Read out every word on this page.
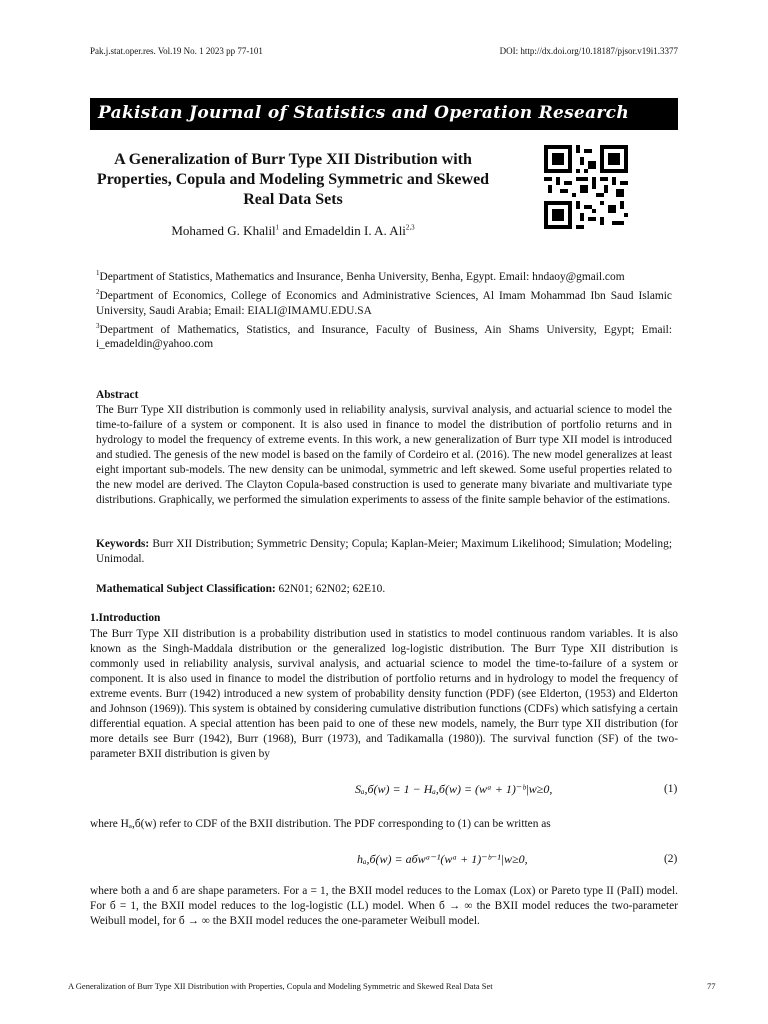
Pak.j.stat.oper.res. Vol.19 No. 1 2023 pp 77-101	DOI: http://dx.doi.org/10.18187/pjsor.v19i1.3377
Pakistan Journal of Statistics and Operation Research
A Generalization of Burr Type XII Distribution with Properties, Copula and Modeling Symmetric and Skewed Real Data Sets
Mohamed G. Khalil$^1$ and Emadeldin I. A. Ali$^{2,3}$
$^1$Department of Statistics, Mathematics and Insurance, Benha University, Benha, Egypt. Email: hndaoy@gmail.com
$^2$Department of Economics, College of Economics and Administrative Sciences, Al Imam Mohammad Ibn Saud Islamic University, Saudi Arabia; Email: EIALI@IMAMU.EDU.SA
$^3$Department of Mathematics, Statistics, and Insurance, Faculty of Business, Ain Shams University, Egypt; Email: i_emadeldin@yahoo.com
Abstract
The Burr Type XII distribution is commonly used in reliability analysis, survival analysis, and actuarial science to model the time-to-failure of a system or component. It is also used in finance to model the distribution of portfolio returns and in hydrology to model the frequency of extreme events. In this work, a new generalization of Burr type XII model is introduced and studied. The genesis of the new model is based on the family of Cordeiro et al. (2016). The new model generalizes at least eight important sub-models. The new density can be unimodal, symmetric and left skewed. Some useful properties related to the new model are derived. The Clayton Copula-based construction is used to generate many bivariate and multivariate type distributions. Graphically, we performed the simulation experiments to assess of the finite sample behavior of the estimations.
Keywords: Burr XII Distribution; Symmetric Density; Copula; Kaplan-Meier; Maximum Likelihood; Simulation; Modeling; Unimodal.
Mathematical Subject Classification: 62N01; 62N02; 62E10.
1.Introduction
The Burr Type XII distribution is a probability distribution used in statistics to model continuous random variables. It is also known as the Singh-Maddala distribution or the generalized log-logistic distribution. The Burr Type XII distribution is commonly used in reliability analysis, survival analysis, and actuarial science to model the time-to-failure of a system or component. It is also used in finance to model the distribution of portfolio returns and in hydrology to model the frequency of extreme events. Burr (1942) introduced a new system of probability density function (PDF) (see Elderton, (1953) and Elderton and Johnson (1969)). This system is obtained by considering cumulative distribution functions (CDFs) which satisfying a certain differential equation. A special attention has been paid to one of these new models, namely, the Burr type XII distribution (for more details see Burr (1942), Burr (1968), Burr (1973), and Tadikamalla (1980)). The survival function (SF) of the two-parameter BXII distribution is given by
Sₐ,б(w) = 1 − Hₐ,б(w) = (wᵃ + 1)⁻ᵇ|w≥0,	(1)
where Hₐ,б(w) refer to CDF of the BXII distribution. The PDF corresponding to (1) can be written as
hₐ,б(w) = aбwᵃ⁻¹(wᵃ + 1)⁻ᵇ⁻¹|w≥0,	(2)
where both a and б are shape parameters. For a = 1, the BXII model reduces to the Lomax (Lox) or Pareto type II (PaII) model. For б = 1, the BXII model reduces to the log-logistic (LL) model. When б → ∞ the BXII model reduces the two-parameter Weibull model, for б → ∞ the BXII model reduces the one-parameter Weibull model.
A Generalization of Burr Type XII Distribution with Properties, Copula and Modeling Symmetric and Skewed Real Data Set	77
